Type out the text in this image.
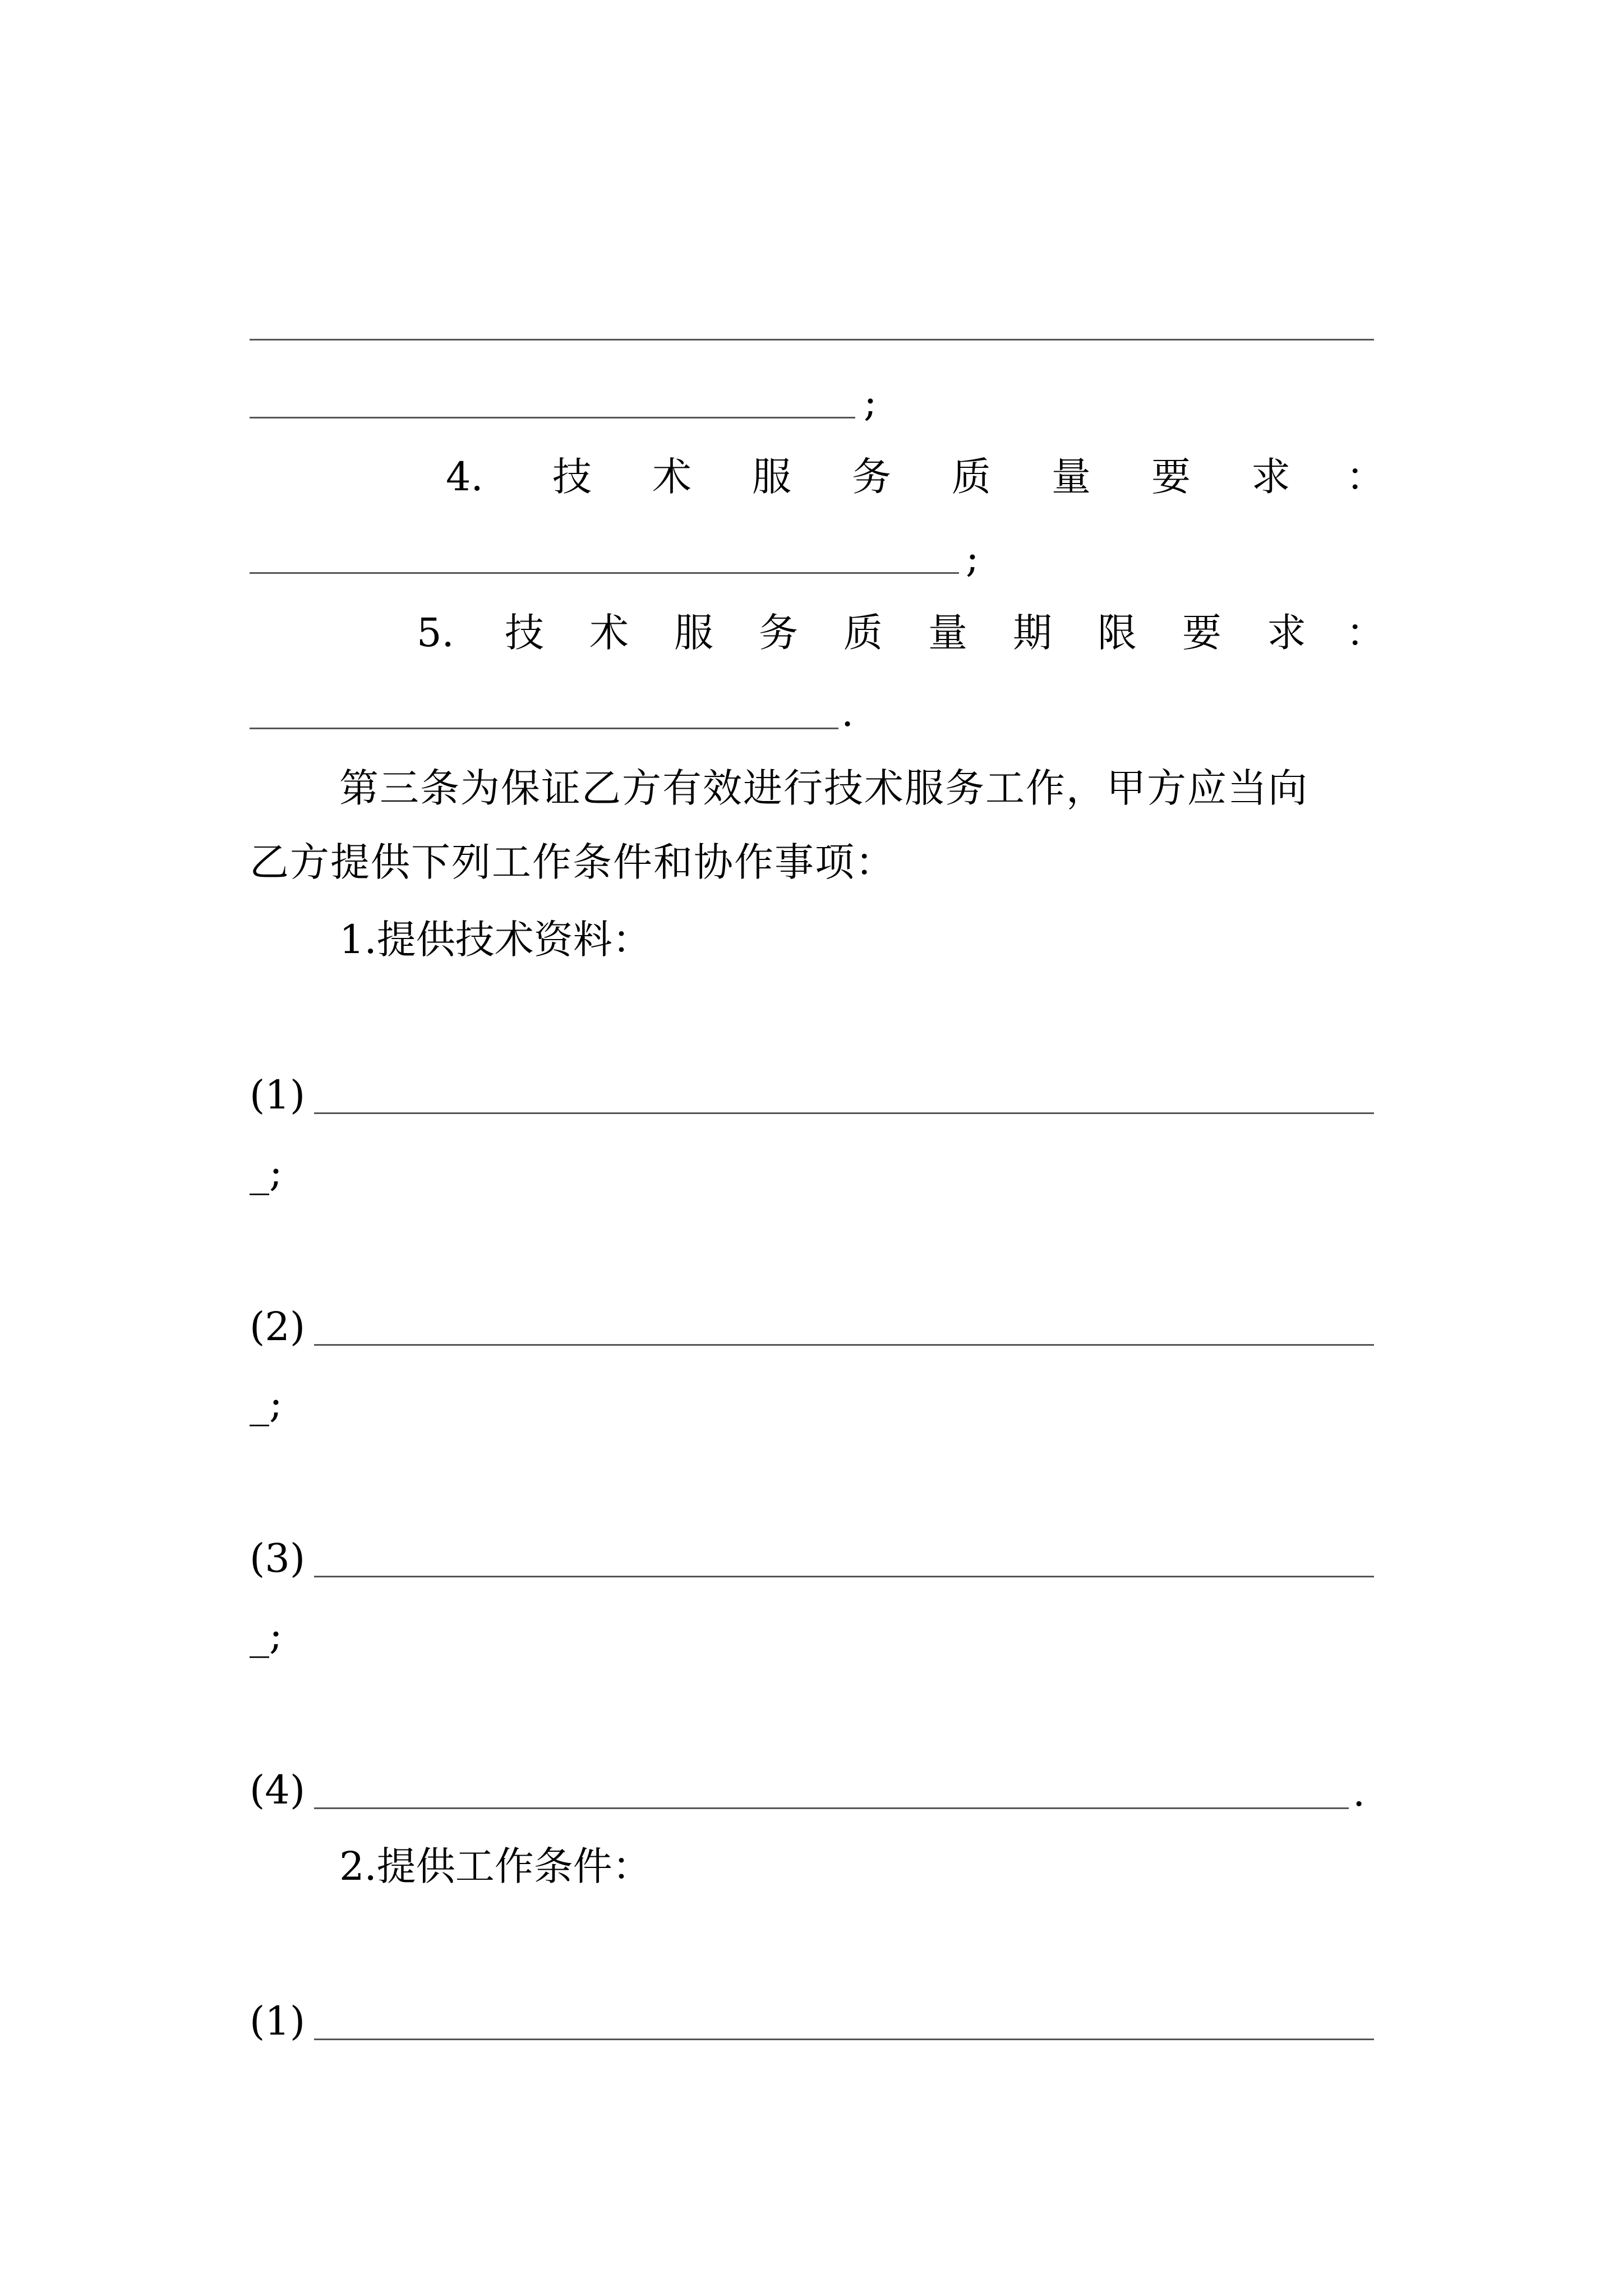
;
4. 技 术 服 务 质 量 要 求 ：
;
5. 技 术 服 务 质 量 期 限 要 求 ：
.
第三条为保证乙方有效进行技术服务工作，甲方应当向
乙方提供下列工作条件和协作事项：
1.提供技术资料：
(1)
_;
(2)
_;
(3)
_;
(4)	.
2.提供工作条件：
(1)
